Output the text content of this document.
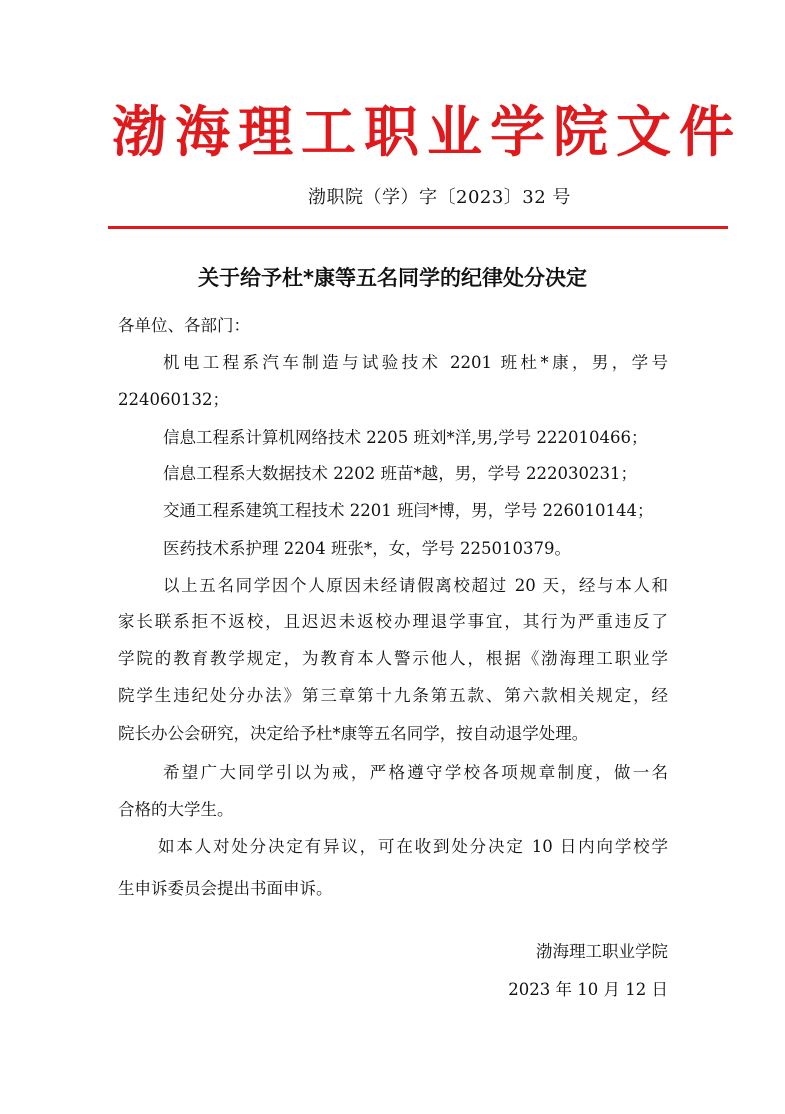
渤海理工职业学院文件
渤职院（学）字〔2023〕32 号
关于给予杜*康等五名同学的纪律处分决定
各单位、各部门：
机电工程系汽车制造与试验技术 2201 班杜*康，男，学号
224060132；
信息工程系计算机网络技术 2205 班刘*洋,男,学号 222010466；
信息工程系大数据技术 2202 班苗*越，男，学号 222030231；
交通工程系建筑工程技术 2201 班闫*博，男，学号 226010144；
医药技术系护理 2204 班张*，女，学号 225010379。
以上五名同学因个人原因未经请假离校超过 20 天，经与本人和
家长联系拒不返校，且迟迟未返校办理退学事宜，其行为严重违反了
学院的教育教学规定，为教育本人警示他人，根据《渤海理工职业学
院学生违纪处分办法》第三章第十九条第五款、第六款相关规定，经
院长办公会研究，决定给予杜*康等五名同学，按自动退学处理。
希望广大同学引以为戒，严格遵守学校各项规章制度，做一名
合格的大学生。
如本人对处分决定有异议，可在收到处分决定 10 日内向学校学
生申诉委员会提出书面申诉。
渤海理工职业学院
2023 年 10 月 12 日
